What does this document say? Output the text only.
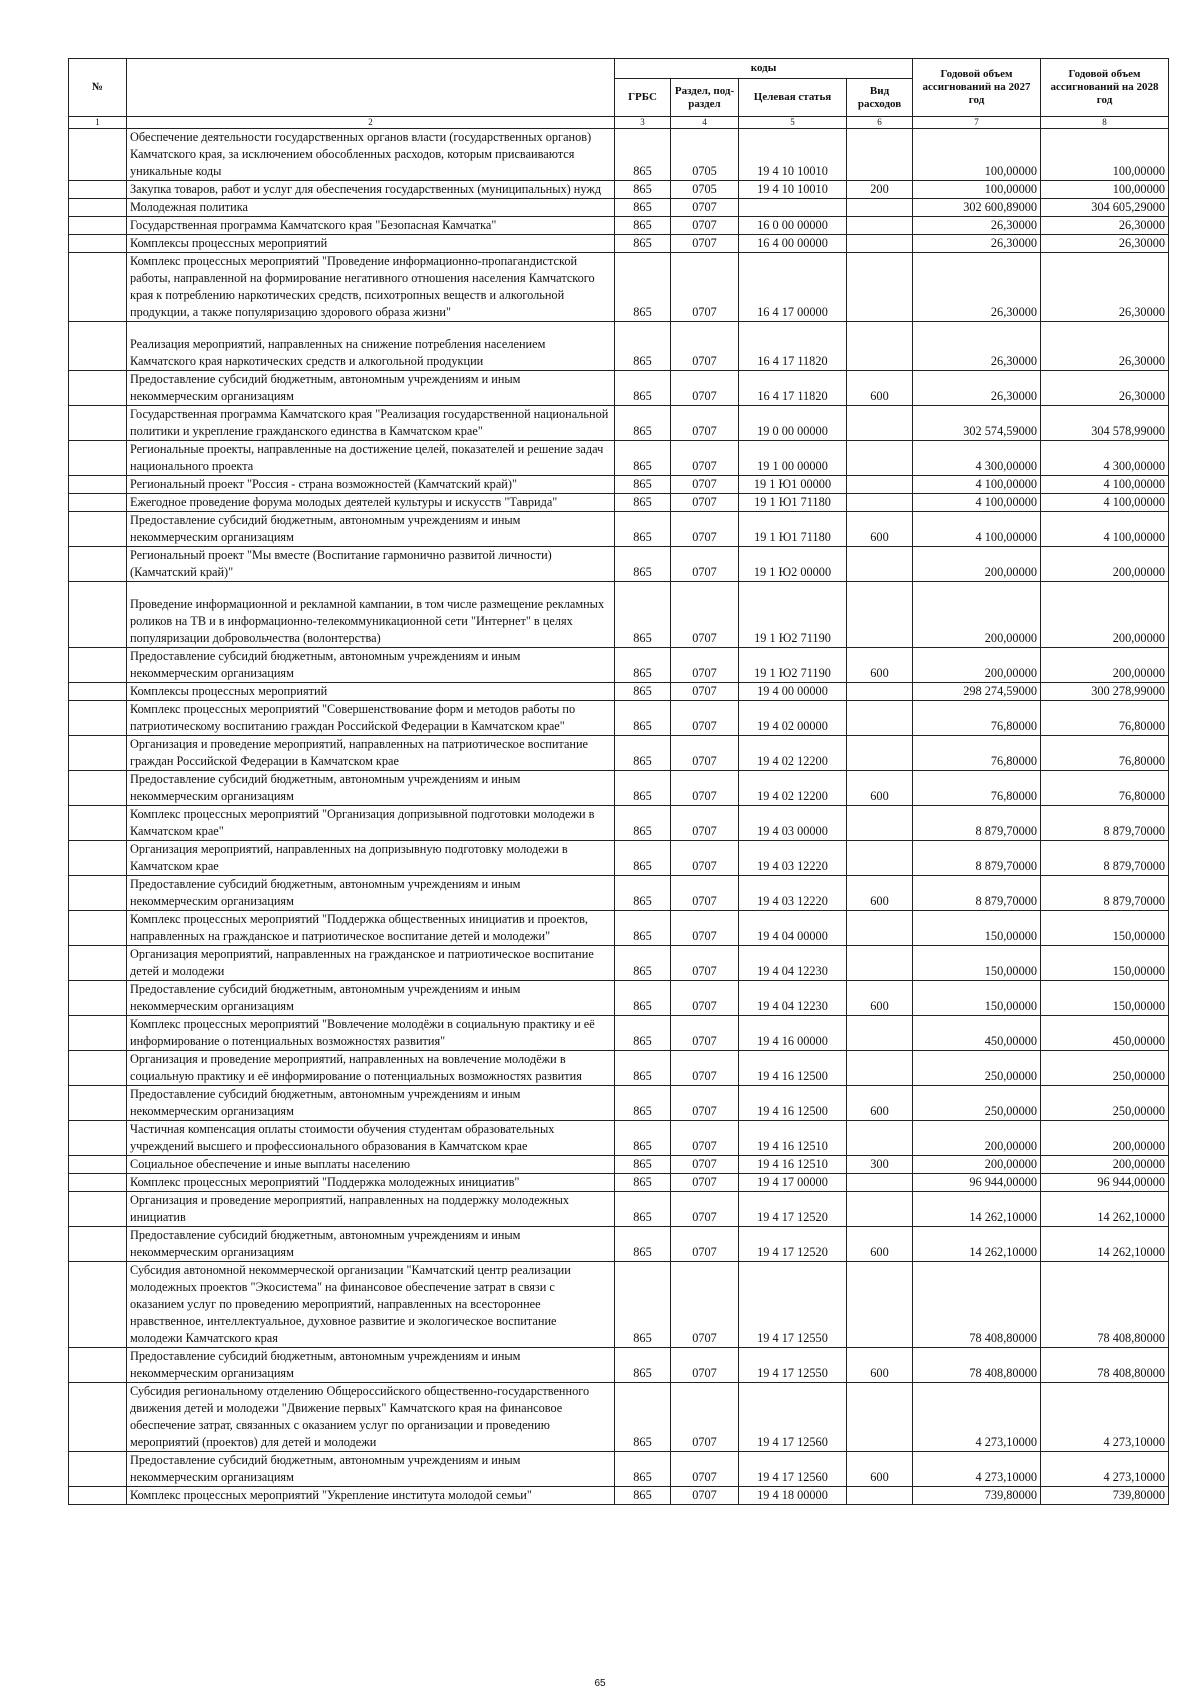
№		коды				Годовой объем ассигнований на 2027 год	Годовой объем ассигнований на 2028 год
		ГРБС	Раздел, под-раздел	Целевая статья	Вид расходов		
1	2	3	4	5	6	7	8
	Обеспечение деятельности государственных органов власти (государственных органов) Камчатского края, за исключением обособленных расходов, которым присваиваются уникальные коды	865	0705	19 4 10 10010		100,00000	100,00000
	Закупка товаров, работ и услуг для обеспечения государственных (муниципальных) нужд	865	0705	19 4 10 10010	200	100,00000	100,00000
	Молодежная политика	865	0707			302 600,89000	304 605,29000
	Государственная программа Камчатского края "Безопасная Камчатка"	865	0707	16 0 00 00000		26,30000	26,30000
	Комплексы процессных мероприятий	865	0707	16 4 00 00000		26,30000	26,30000
	Комплекс процессных мероприятий "Проведение информационно-пропагандистской работы, направленной на формирование негативного отношения населения Камчатского края к потреблению наркотических средств, психотропных веществ и алкогольной продукции, а также популяризацию здорового образа жизни"	865	0707	16 4 17 00000		26,30000	26,30000
	Реализация мероприятий, направленных на снижение потребления населением Камчатского края наркотических средств и алкогольной продукции	865	0707	16 4 17 11820		26,30000	26,30000
	Предоставление субсидий бюджетным, автономным учреждениям и иным некоммерческим организациям	865	0707	16 4 17 11820	600	26,30000	26,30000
	Государственная программа Камчатского края "Реализация государственной национальной политики и укрепление гражданского единства в Камчатском крае"	865	0707	19 0 00 00000		302 574,59000	304 578,99000
	Региональные проекты, направленные на достижение целей, показателей и решение задач национального проекта	865	0707	19 1 00 00000		4 300,00000	4 300,00000
	Региональный проект "Россия - страна возможностей (Камчатский край)"	865	0707	19 1 Ю1 00000		4 100,00000	4 100,00000
	Ежегодное проведение форума молодых деятелей культуры и искусств "Таврида"	865	0707	19 1 Ю1 71180		4 100,00000	4 100,00000
	Предоставление субсидий бюджетным, автономным учреждениям и иным некоммерческим организациям	865	0707	19 1 Ю1 71180	600	4 100,00000	4 100,00000
	Региональный проект "Мы вместе (Воспитание гармонично развитой личности) (Камчатский край)"	865	0707	19 1 Ю2 00000		200,00000	200,00000
	Проведение информационной и рекламной кампании, в том числе размещение рекламных роликов на ТВ и в информационно-телекоммуникационной сети "Интернет" в целях популяризации добровольчества (волонтерства)	865	0707	19 1 Ю2 71190		200,00000	200,00000
	Предоставление субсидий бюджетным, автономным учреждениям и иным некоммерческим организациям	865	0707	19 1 Ю2 71190	600	200,00000	200,00000
	Комплексы процессных мероприятий	865	0707	19 4 00 00000		298 274,59000	300 278,99000
	Комплекс процессных мероприятий "Совершенствование форм и методов работы по патриотическому воспитанию граждан Российской Федерации в Камчатском крае"	865	0707	19 4 02 00000		76,80000	76,80000
	Организация и проведение мероприятий, направленных на патриотическое воспитание граждан Российской Федерации в Камчатском крае	865	0707	19 4 02 12200		76,80000	76,80000
	Предоставление субсидий бюджетным, автономным учреждениям и иным некоммерческим организациям	865	0707	19 4 02 12200	600	76,80000	76,80000
	Комплекс процессных мероприятий "Организация допризывной подготовки молодежи в Камчатском крае"	865	0707	19 4 03 00000		8 879,70000	8 879,70000
	Организация мероприятий, направленных на допризывную подготовку молодежи в Камчатском крае	865	0707	19 4 03 12220		8 879,70000	8 879,70000
	Предоставление субсидий бюджетным, автономным учреждениям и иным некоммерческим организациям	865	0707	19 4 03 12220	600	8 879,70000	8 879,70000
	Комплекс процессных мероприятий "Поддержка общественных инициатив и проектов, направленных на гражданское и патриотическое воспитание детей и молодежи"	865	0707	19 4 04 00000		150,00000	150,00000
	Организация мероприятий, направленных на гражданское и патриотическое воспитание детей и молодежи	865	0707	19 4 04 12230		150,00000	150,00000
	Предоставление субсидий бюджетным, автономным учреждениям и иным некоммерческим организациям	865	0707	19 4 04 12230	600	150,00000	150,00000
	Комплекс процессных мероприятий "Вовлечение молодёжи в социальную практику и её информирование о потенциальных возможностях развития"	865	0707	19 4 16 00000		450,00000	450,00000
	Организация и проведение мероприятий, направленных на вовлечение молодёжи в социальную практику и её информирование о потенциальных возможностях развития	865	0707	19 4 16 12500		250,00000	250,00000
	Предоставление субсидий бюджетным, автономным учреждениям и иным некоммерческим организациям	865	0707	19 4 16 12500	600	250,00000	250,00000
	Частичная компенсация оплаты стоимости обучения студентам образовательных учреждений высшего и профессионального образования в Камчатском крае	865	0707	19 4 16 12510		200,00000	200,00000
	Социальное обеспечение и иные выплаты населению	865	0707	19 4 16 12510	300	200,00000	200,00000
	Комплекс процессных мероприятий "Поддержка молодежных инициатив"	865	0707	19 4 17 00000		96 944,00000	96 944,00000
	Организация и проведение мероприятий, направленных на поддержку молодежных инициатив	865	0707	19 4 17 12520		14 262,10000	14 262,10000
	Предоставление субсидий бюджетным, автономным учреждениям и иным некоммерческим организациям	865	0707	19 4 17 12520	600	14 262,10000	14 262,10000
	Субсидия автономной некоммерческой организации "Камчатский центр реализации молодежных проектов "Экосистема" на финансовое обеспечение затрат в связи с оказанием услуг по проведению мероприятий, направленных на всестороннее нравственное, интеллектуальное, духовное развитие и экологическое воспитание молодежи Камчатского края	865	0707	19 4 17 12550		78 408,80000	78 408,80000
	Предоставление субсидий бюджетным, автономным учреждениям и иным некоммерческим организациям	865	0707	19 4 17 12550	600	78 408,80000	78 408,80000
	Субсидия региональному отделению Общероссийского общественно-государственного движения детей и молодежи "Движение первых" Камчатского края на финансовое обеспечение затрат, связанных с оказанием услуг по организации и проведению мероприятий (проектов) для детей и молодежи	865	0707	19 4 17 12560		4 273,10000	4 273,10000
	Предоставление субсидий бюджетным, автономным учреждениям и иным некоммерческим организациям	865	0707	19 4 17 12560	600	4 273,10000	4 273,10000
	Комплекс процессных мероприятий "Укрепление института молодой семьи"	865	0707	19 4 18 00000		739,80000	739,80000
65
